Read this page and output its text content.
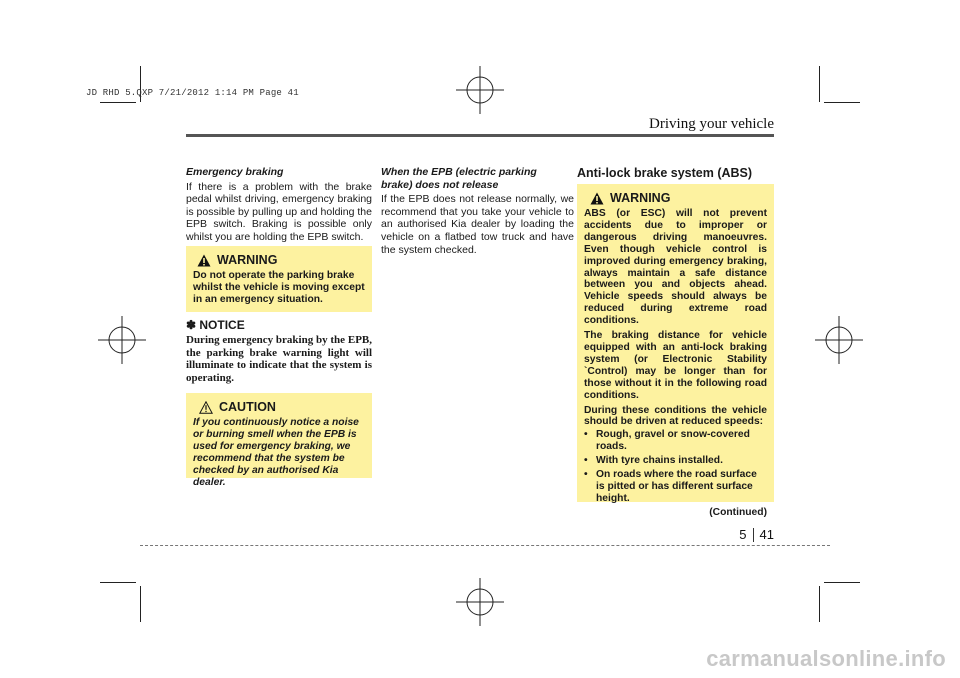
JD RHD 5.QXP 7/21/2012 1:14 PM Page 41
Driving your vehicle
Emergency braking
If there is a problem with the brake pedal whilst driving, emergency braking is possible by pulling up and holding the EPB switch. Braking is possible only whilst you are holding the EPB switch.
WARNING
Do not operate the parking brake whilst the vehicle is moving except in an emergency situation.
✽ NOTICE
During emergency braking by the EPB, the parking brake warning light will illuminate to indicate that the system is operating.
CAUTION
If you continuously notice a noise or burning smell when the EPB is used for emergency braking, we recommend that the system be checked by an authorised Kia dealer.
When the EPB (electric parking brake) does not release
If the EPB does not release normally, we recommend that you take your vehicle to an authorised Kia dealer by loading the vehicle on a flatbed tow truck and have the system checked.
Anti-lock brake system (ABS)
WARNING
ABS (or ESC) will not prevent accidents due to improper or dangerous driving manoeuvres. Even though vehicle control is improved during emergency braking, always maintain a safe distance between you and objects ahead. Vehicle speeds should always be reduced during extreme road conditions.
The braking distance for vehicle equipped with an anti-lock braking system (or Electronic Stability `Control) may be longer than for those without it in the following road conditions.
During these conditions the vehicle should be driven at reduced speeds:
• Rough, gravel or snow-covered roads.
• With tyre chains installed.
• On roads where the road surface is pitted or has different surface height.
(Continued)
5 41
carmanualsonline.info
